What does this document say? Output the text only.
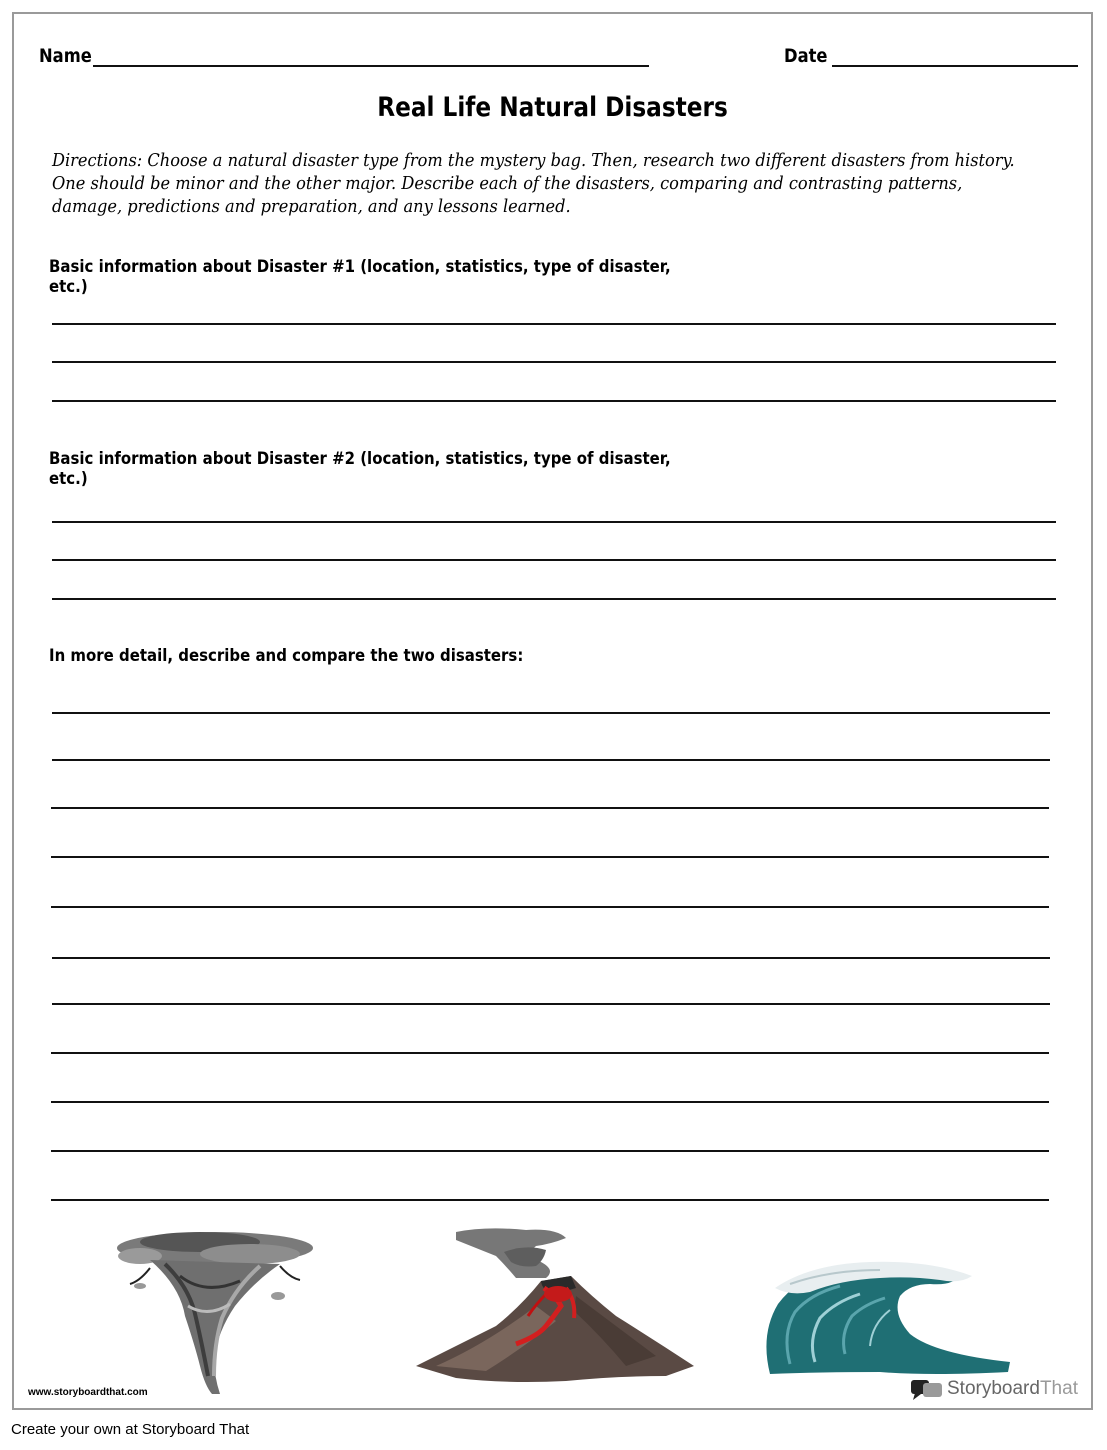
Name	Date
Real Life Natural Disasters
Directions: Choose a natural disaster type from the mystery bag. Then, research two different disasters from history. One should be minor and the other major. Describe each of the disasters, comparing and contrasting patterns, damage, predictions and preparation, and any lessons learned.
Basic information about Disaster #1 (location, statistics, type of disaster, etc.)
Basic information about Disaster #2 (location, statistics, type of disaster, etc.)
In more detail, describe and compare the two disasters:
www.storyboardthat.com	StoryboardThat
Create your own at Storyboard That
